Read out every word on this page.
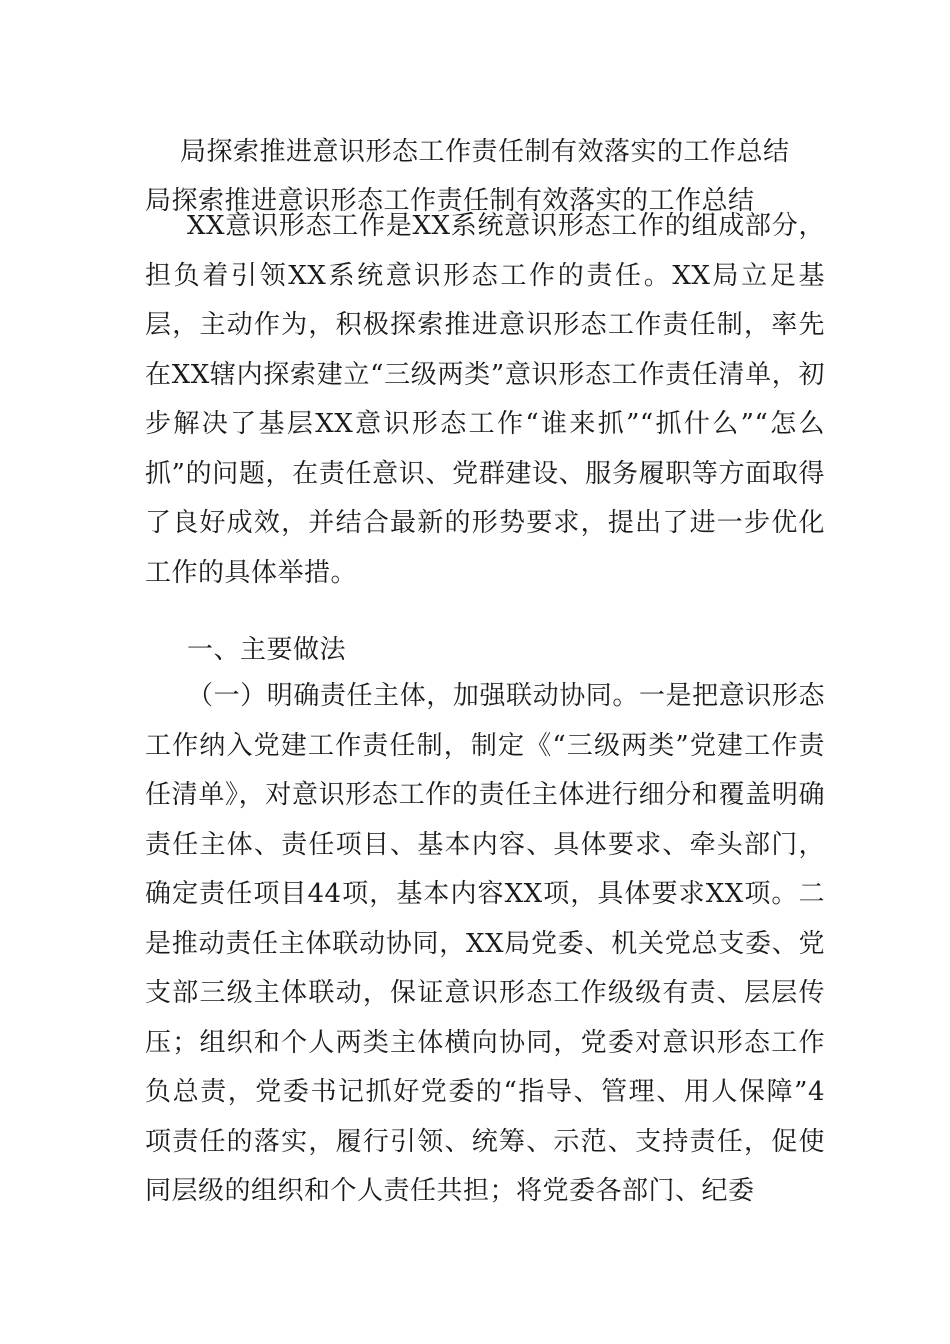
局探索推进意识形态工作责任制有效落实的工作总结
局探索推进意识形态工作责任制有效落实的工作总结
XX意识形态工作是XX系统意识形态工作的组成部分，担负着引领XX系统意识形态工作的责任。XX局立足基层，主动作为，积极探索推进意识形态工作责任制，率先在XX辖内探索建立“三级两类”意识形态工作责任清单，初步解决了基层XX意识形态工作“谁来抓”“抓什么”“怎么抓”的问题，在责任意识、党群建设、服务履职等方面取得了良好成效，并结合最新的形势要求，提出了进一步优化工作的具体举措。
一、主要做法
（一）明确责任主体，加强联动协同。一是把意识形态工作纳入党建工作责任制，制定《“三级两类”党建工作责任清单》，对意识形态工作的责任主体进行细分和覆盖明确责任主体、责任项目、基本内容、具体要求、牵头部门，确定责任项目44项，基本内容XX项，具体要求XX项。二是推动责任主体联动协同，XX局党委、机关党总支委、党支部三级主体联动，保证意识形态工作级级有责、层层传压；组织和个人两类主体横向协同，党委对意识形态工作负总责，党委书记抓好党委的“指导、管理、用人保障”4项责任的落实，履行引领、统筹、示范、支持责任，促使同层级的组织和个人责任共担；将党委各部门、纪委
